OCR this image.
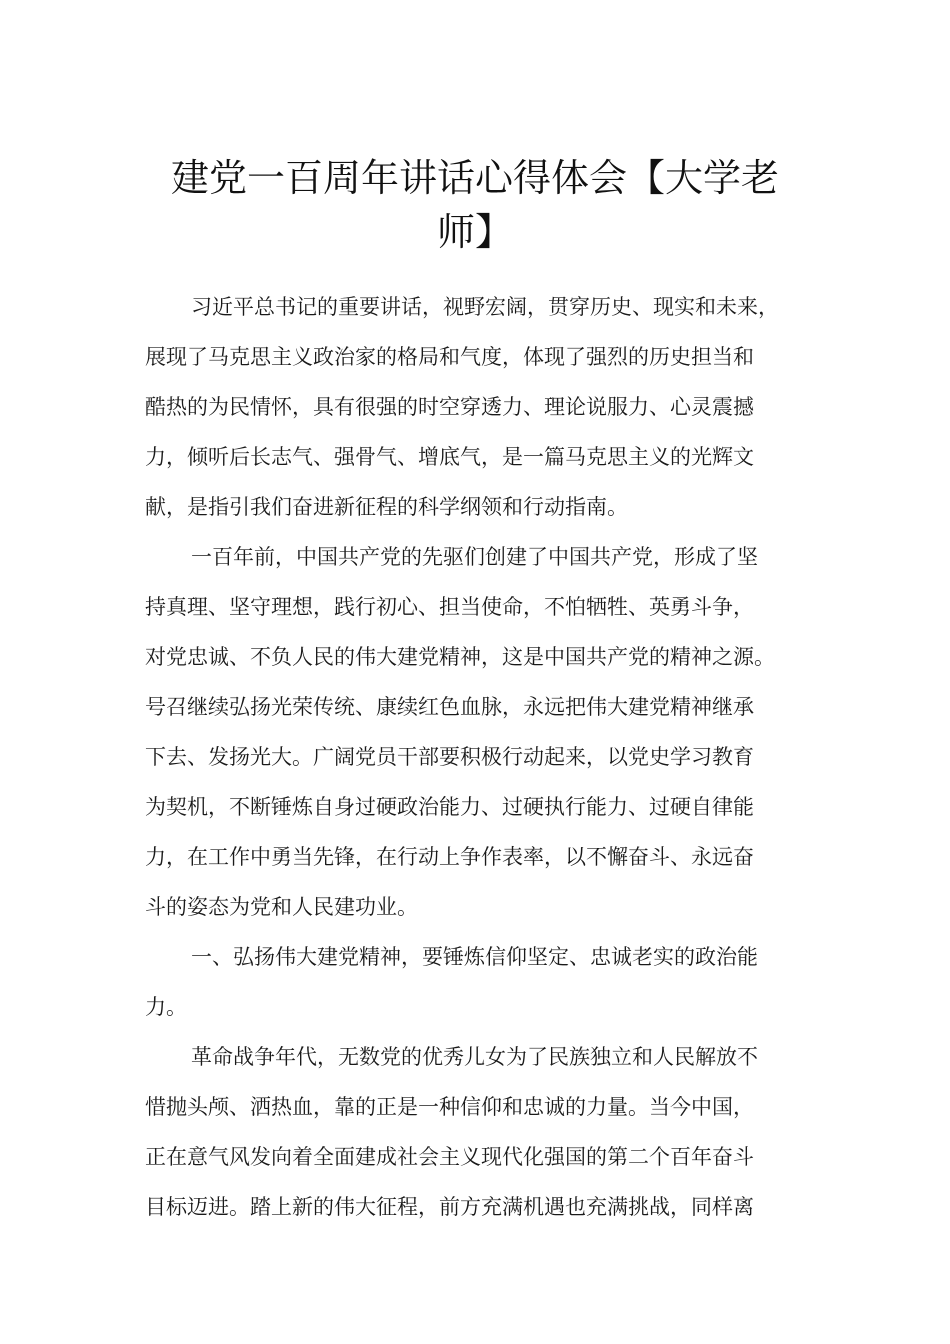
建党一百周年讲话心得体会【大学老
师】
习近平总书记的重要讲话，视野宏阔，贯穿历史、现实和未来，
展现了马克思主义政治家的格局和气度，体现了强烈的历史担当和
酷热的为民情怀，具有很强的时空穿透力、理论说服力、心灵震撼
力，倾听后长志气、强骨气、增底气，是一篇马克思主义的光辉文
献，是指引我们奋进新征程的科学纲领和行动指南。
一百年前，中国共产党的先驱们创建了中国共产党，形成了坚
持真理、坚守理想，践行初心、担当使命，不怕牺牲、英勇斗争，
对党忠诚、不负人民的伟大建党精神，这是中国共产党的精神之源。
号召继续弘扬光荣传统、康续红色血脉，永远把伟大建党精神继承
下去、发扬光大。广阔党员干部要积极行动起来，以党史学习教育
为契机，不断锤炼自身过硬政治能力、过硬执行能力、过硬自律能
力，在工作中勇当先锋，在行动上争作表率，以不懈奋斗、永远奋
斗的姿态为党和人民建功业。
一、弘扬伟大建党精神，要锤炼信仰坚定、忠诚老实的政治能
力。
革命战争年代，无数党的优秀儿女为了民族独立和人民解放不
惜抛头颅、洒热血，靠的正是一种信仰和忠诚的力量。当今中国，
正在意气风发向着全面建成社会主义现代化强国的第二个百年奋斗
目标迈进。踏上新的伟大征程，前方充满机遇也充满挑战，同样离
